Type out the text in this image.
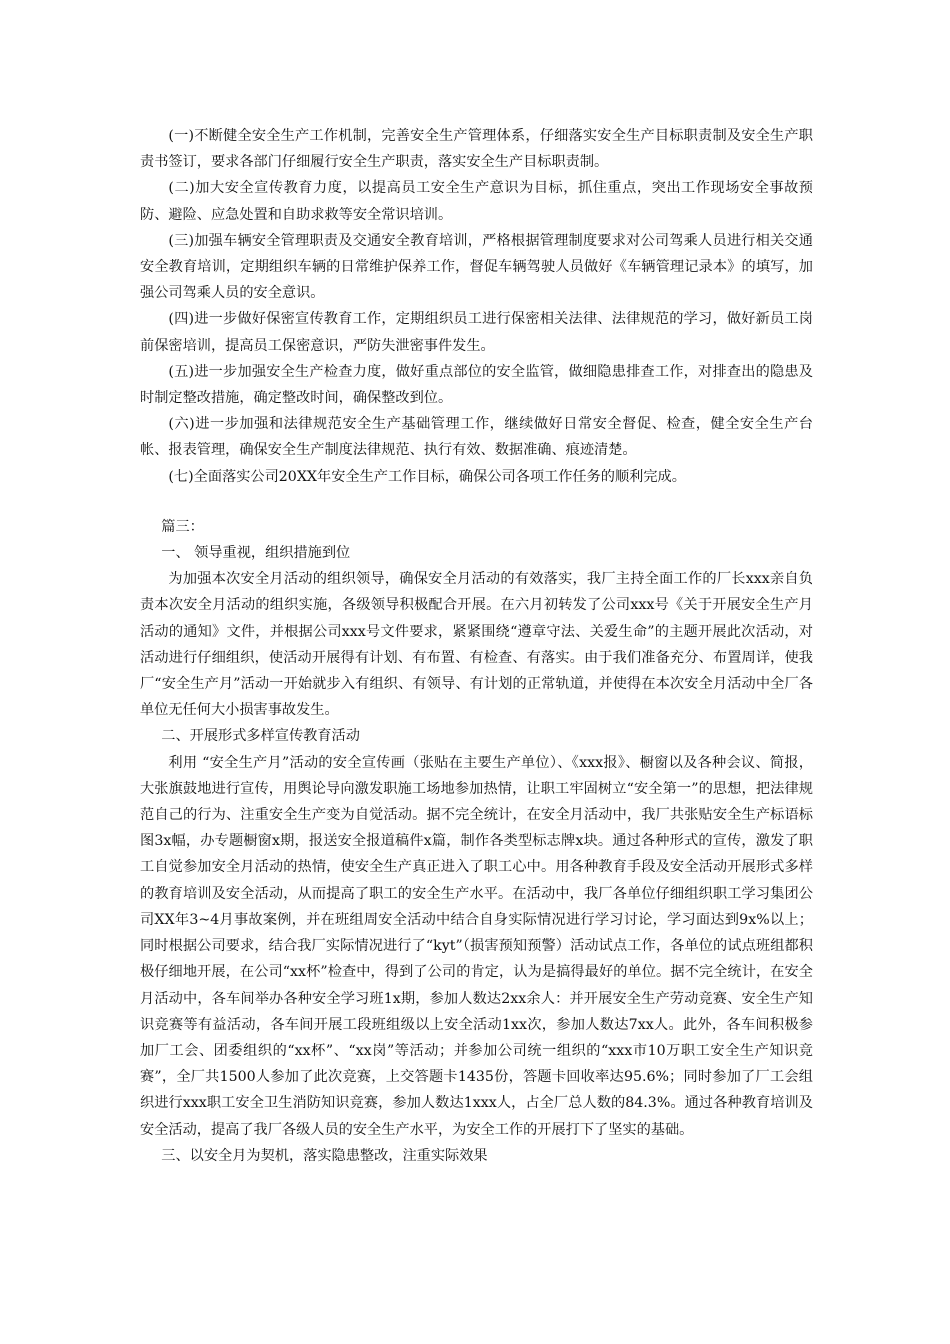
(一)不断健全安全生产工作机制，完善安全生产管理体系，仔细落实安全生产目标职责制及安全生产职责书签订，要求各部门仔细履行安全生产职责，落实安全生产目标职责制。

(二)加大安全宣传教育力度，以提高员工安全生产意识为目标，抓住重点，突出工作现场安全事故预防、避险、应急处置和自助求救等安全常识培训。

(三)加强车辆安全管理职责及交通安全教育培训，严格根据管理制度要求对公司驾乘人员进行相关交通安全教育培训，定期组织车辆的日常维护保养工作，督促车辆驾驶人员做好《车辆管理记录本》的填写，加强公司驾乘人员的安全意识。

(四)进一步做好保密宣传教育工作，定期组织员工进行保密相关法律、法律规范的学习，做好新员工岗前保密培训，提高员工保密意识，严防失泄密事件发生。

(五)进一步加强安全生产检查力度，做好重点部位的安全监管，做细隐患排查工作，对排查出的隐患及时制定整改措施，确定整改时间，确保整改到位。

(六)进一步加强和法律规范安全生产基础管理工作，继续做好日常安全督促、检查，健全安全生产台帐、报表管理，确保安全生产制度法律规范、执行有效、数据准确、痕迹清楚。

(七)全面落实公司20XX年安全生产工作目标，确保公司各项工作任务的顺利完成。

篇三：

一、 领导重视，组织措施到位

为加强本次安全月活动的组织领导，确保安全月活动的有效落实，我厂主持全面工作的厂长xxx亲自负责本次安全月活动的组织实施，各级领导积极配合开展。在六月初转发了公司xxx号《关于开展安全生产月活动的通知》文件，并根据公司xxx号文件要求，紧紧围绕“遵章守法、关爱生命”的主题开展此次活动，对活动进行仔细组织，使活动开展得有计划、有布置、有检查、有落实。由于我们准备充分、布置周详，使我厂“安全生产月”活动一开始就步入有组织、有领导、有计划的正常轨道，并使得在本次安全月活动中全厂各单位无任何大小损害事故发生。

二、开展形式多样宣传教育活动

利用 “安全生产月”活动的安全宣传画（张贴在主要生产单位）、《xxx报》、橱窗以及各种会议、简报，大张旗鼓地进行宣传，用舆论导向激发职施工场地参加热情，让职工牢固树立“安全第一”的思想，把法律规范自己的行为、注重安全生产变为自觉活动。据不完全统计，在安全月活动中，我厂共张贴安全生产标语标图3x幅，办专题橱窗x期，报送安全报道稿件x篇，制作各类型标志牌x块。通过各种形式的宣传，激发了职工自觉参加安全月活动的热情，使安全生产真正进入了职工心中。用各种教育手段及安全活动开展形式多样的教育培训及安全活动，从而提高了职工的安全生产水平。在活动中，我厂各单位仔细组织职工学习集团公司XX年3~4月事故案例，并在班组周安全活动中结合自身实际情况进行学习讨论，学习面达到9x%以上；同时根据公司要求，结合我厂实际情况进行了“kyt”（损害预知预警）活动试点工作，各单位的试点班组都积极仔细地开展，在公司“xx杯”检查中，得到了公司的肯定，认为是搞得最好的单位。据不完全统计，在安全月活动中，各车间举办各种安全学习班1x期，参加人数达2xx余人：并开展安全生产劳动竞赛、安全生产知识竞赛等有益活动，各车间开展工段班组级以上安全活动1xx次，参加人数达7xx人。此外，各车间积极参加厂工会、团委组织的“xx杯”、“xx岗”等活动；并参加公司统一组织的“xxx市10万职工安全生产知识竞赛”，全厂共1500人参加了此次竞赛，上交答题卡1435份，答题卡回收率达95.6%；同时参加了厂工会组织进行xxx职工安全卫生消防知识竞赛，参加人数达1xxx人，占全厂总人数的84.3%。通过各种教育培训及安全活动，提高了我厂各级人员的安全生产水平，为安全工作的开展打下了坚实的基础。

三、以安全月为契机，落实隐患整改，注重实际效果
